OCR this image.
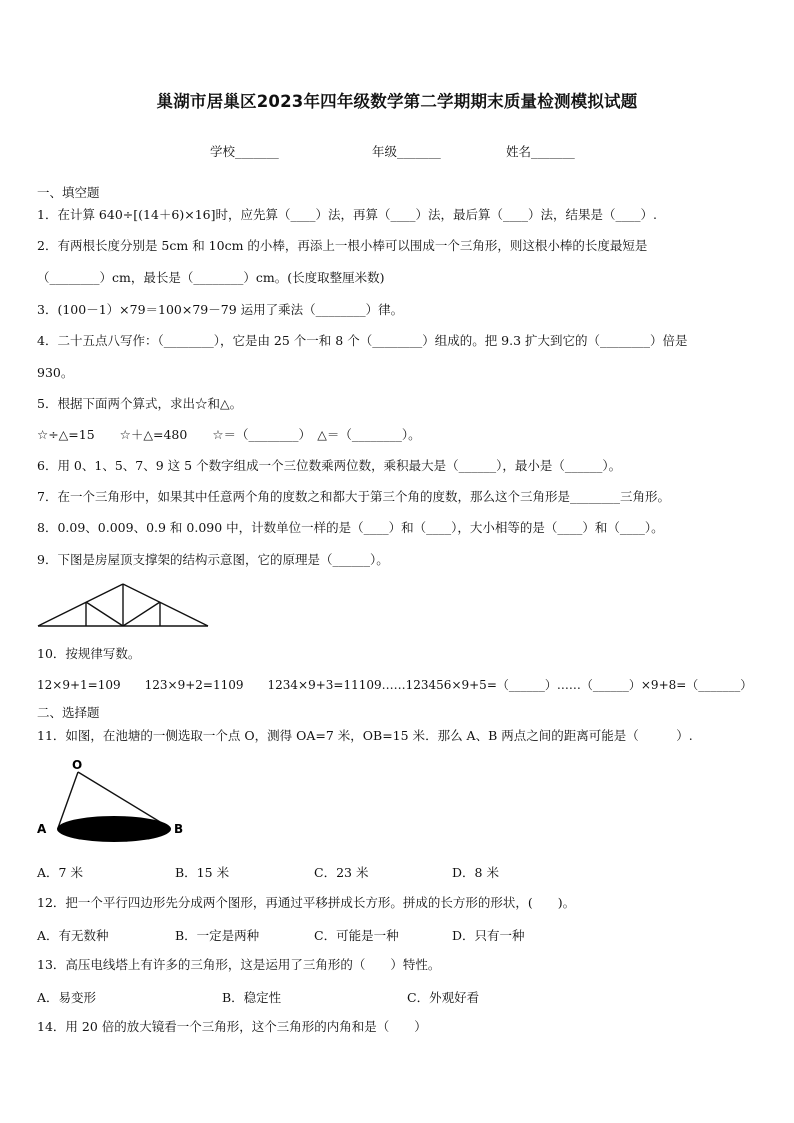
巢湖市居巢区2023年四年级数学第二学期期末质量检测模拟试题
学校_______	年级_______	姓名_______
一、填空题
1．在计算 640÷[(14＋6)×16]时，应先算（____）法，再算（____）法，最后算（____）法，结果是（____）.
2．有两根长度分别是 5cm 和 10cm 的小棒，再添上一根小棒可以围成一个三角形，则这根小棒的长度最短是
（________）cm，最长是（________）cm。(长度取整厘米数)
3．(100－1）×79＝100×79－79 运用了乘法（________）律。
4．二十五点八写作：（________），它是由 25 个一和 8 个（________）组成的。把 9.3 扩大到它的（________）倍是
930。
5．根据下面两个算式，求出☆和△。
☆÷△=15　　☆＋△=480　　☆＝（________）　△＝（________）。
6．用 0、1、5、7、9 这 5 个数字组成一个三位数乘两位数，乘积最大是（______），最小是（______）。
7．在一个三角形中，如果其中任意两个角的度数之和都大于第三个角的度数，那么这个三角形是________三角形。
8．0.09、0.009、0.9 和 0.090 中，计数单位一样的是（____）和（____），大小相等的是（____）和（____）。
9．下图是房屋顶支撑架的结构示意图，它的原理是（______）。
10．按规律写数。
12×9+1=109　　123×9+2=1109　　1234×9+3=11109……123456×9+5=（______）……（______）×9+8=（_______）
二、选择题
11．如图，在池塘的一侧选取一个点 O，测得 OA=7 米，OB=15 米．那么 A、B 两点之间的距离可能是（　　　）.
O
A	B
A．7 米	B．15 米	C．23 米	D．8 米
12．把一个平行四边形先分成两个图形，再通过平移拼成长方形。拼成的长方形的形状，(　　)。
A．有无数种	B．一定是两种	C．可能是一种	D．只有一种
13．高压电线塔上有许多的三角形，这是运用了三角形的（　　）特性。
A．易变形	B．稳定性	C．外观好看
14．用 20 倍的放大镜看一个三角形，这个三角形的内角和是（　　）
